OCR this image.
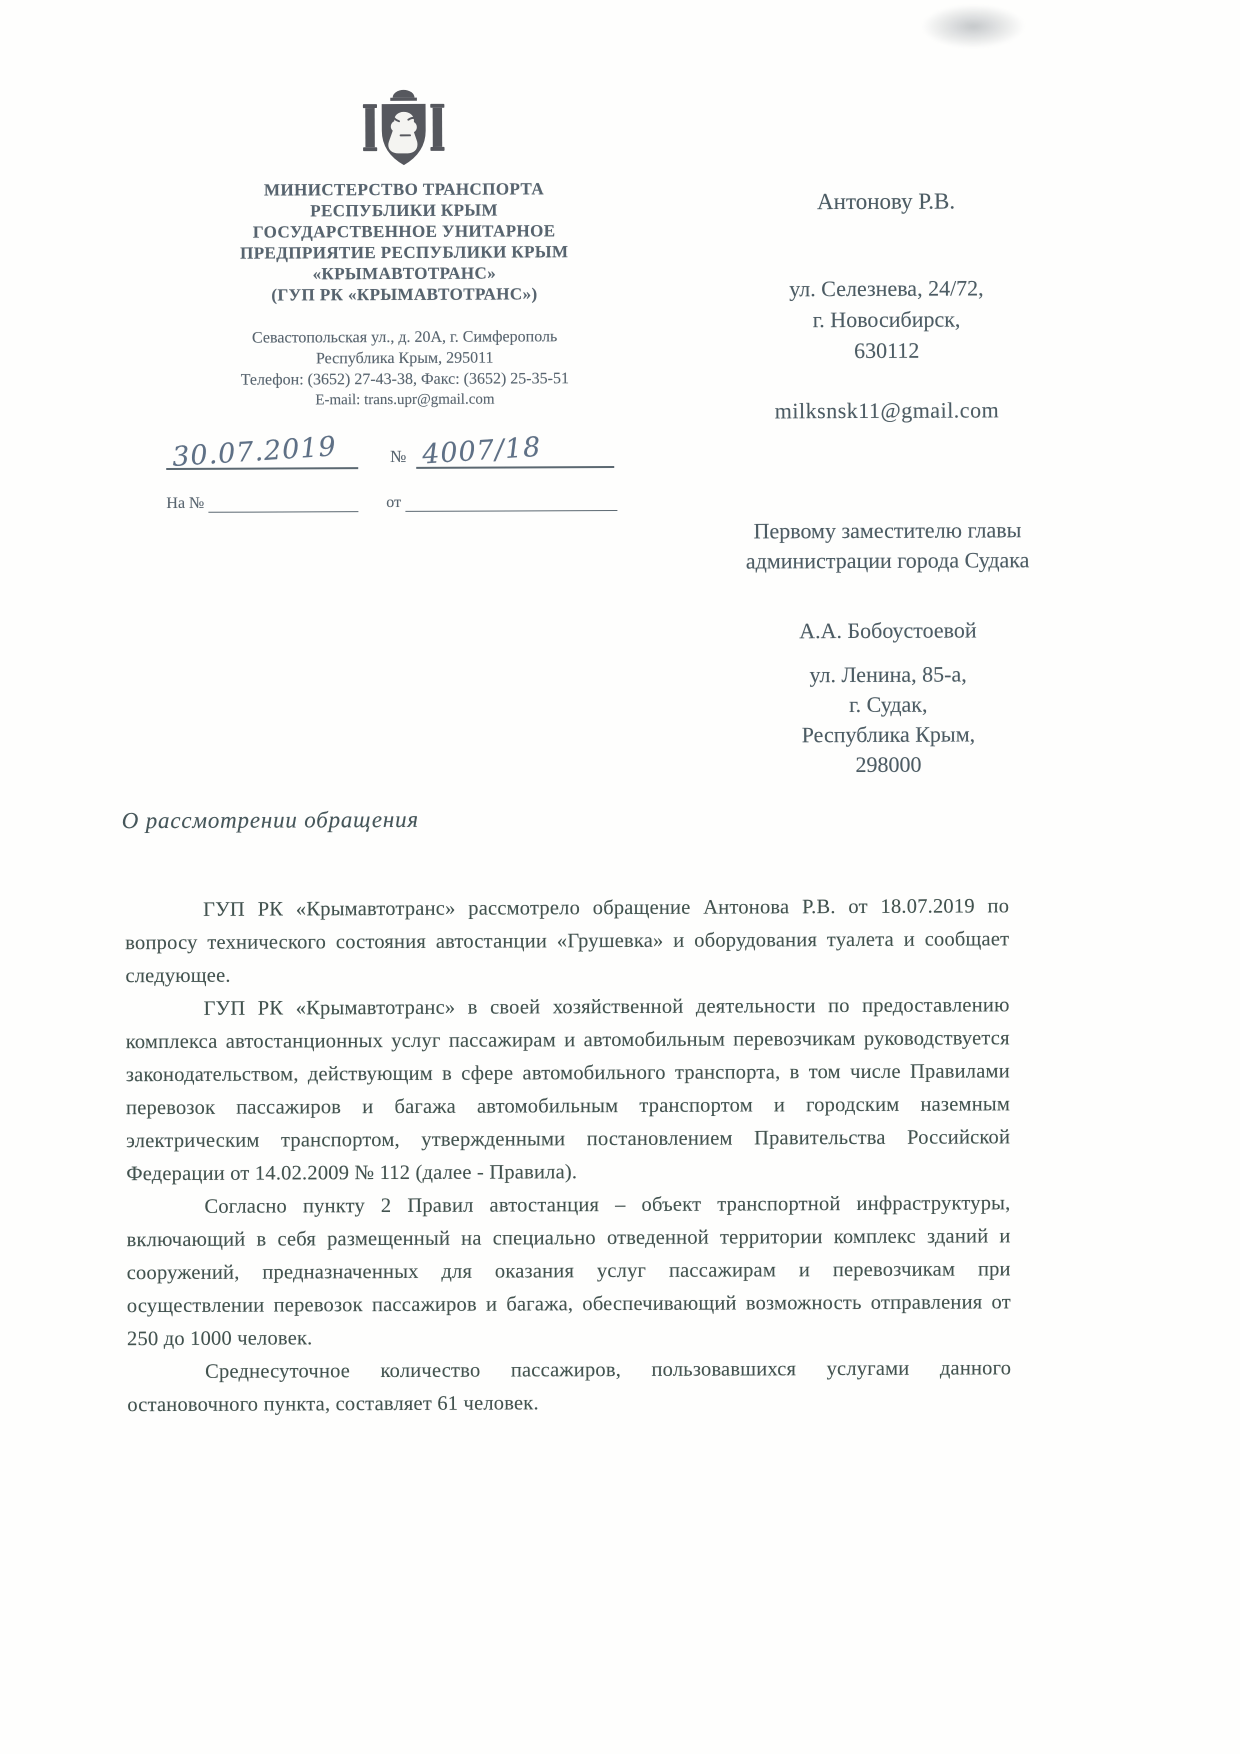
МИНИСТЕРСТВО ТРАНСПОРТА
РЕСПУБЛИКИ КРЫМ
ГОСУДАРСТВЕННОЕ УНИТАРНОЕ
ПРЕДПРИЯТИЕ РЕСПУБЛИКИ КРЫМ
«КРЫМАВТОТРАНС»
(ГУП РК «КРЫМАВТОТРАНС»)
Севастопольская ул., д. 20А, г. Симферополь
Республика Крым, 295011
Телефон: (3652) 27-43-38, Факс: (3652) 25-35-51
E-mail: trans.upr@gmail.com
30.07.2019	№ 4007/18
На №	от
Антонову Р.В.
ул. Селезнева, 24/72,
г. Новосибирск,
630112
milksnsk11@gmail.com
Первому заместителю главы
администрации города Судака
А.А. Бобоустоевой
ул. Ленина, 85-а,
г. Судак,
Республика Крым,
298000
О рассмотрении обращения

ГУП РК «Крымавтотранс» рассмотрело обращение Антонова Р.В. от 18.07.2019 по вопросу технического состояния автостанции «Грушевка» и оборудования туалета и сообщает следующее.

ГУП РК «Крымавтотранс» в своей хозяйственной деятельности по предоставлению комплекса автостанционных услуг пассажирам и автомобильным перевозчикам руководствуется законодательством, действующим в сфере автомобильного транспорта, в том числе Правилами перевозок пассажиров и багажа автомобильным транспортом и городским наземным электрическим транспортом, утвержденными постановлением Правительства Российской Федерации от 14.02.2009 № 112 (далее - Правила).

Согласно пункту 2 Правил автостанция – объект транспортной инфраструктуры, включающий в себя размещенный на специально отведенной территории комплекс зданий и сооружений, предназначенных для оказания услуг пассажирам и перевозчикам при осуществлении перевозок пассажиров и багажа, обеспечивающий возможность отправления от 250 до 1000 человек.

Среднесуточное количество пассажиров, пользовавшихся услугами данного остановочного пункта, составляет 61 человек.
